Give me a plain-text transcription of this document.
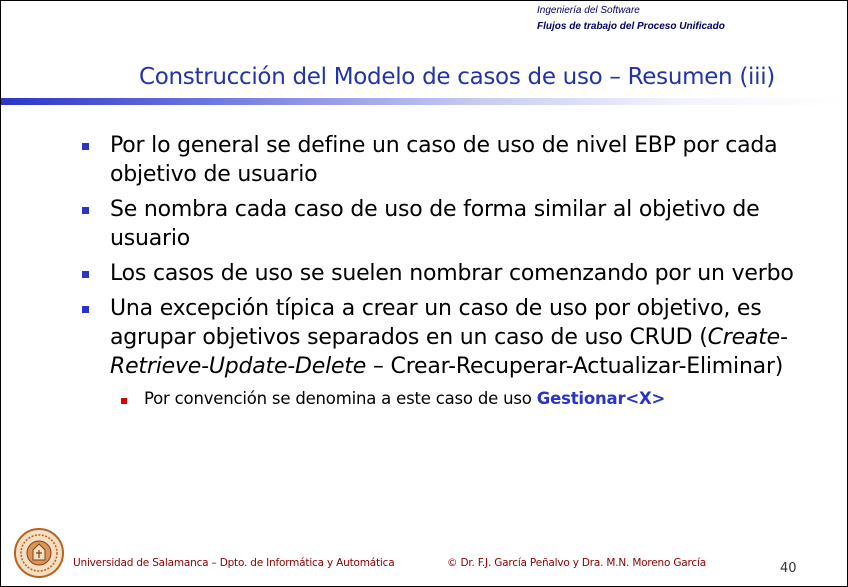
Ingeniería del Software
Flujos de trabajo del Proceso Unificado
Construcción del Modelo de casos de uso – Resumen (iii)
Por lo general se define un caso de uso de nivel EBP por cada objetivo de usuario
Se nombra cada caso de uso de forma similar al objetivo de usuario
Los casos de uso se suelen nombrar comenzando por un verbo
Una excepción típica a crear un caso de uso por objetivo, es agrupar objetivos separados en un caso de uso CRUD (Create-Retrieve-Update-Delete – Crear-Recuperar-Actualizar-Eliminar)
Por convención se denomina a este caso de uso Gestionar<X>
Universidad de Salamanca – Dpto. de Informática y Automática	© Dr. F.J. García Peñalvo y Dra. M.N. Moreno García	40
